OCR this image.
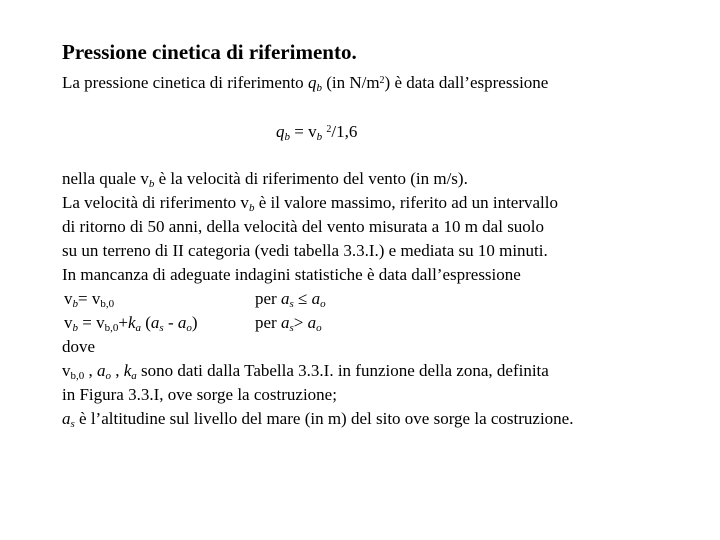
Pressione cinetica di riferimento.
La pressione cinetica di riferimento $q_b$ (in $N/m^2$) è data dall’espressione
$q_b = v_b$ $^2$/1,6
nella quale $v_b$ è la velocità di riferimento del vento (in m/s).
La velocità di riferimento $v_b$ è il valore massimo, riferito ad un intervallo
di ritorno di 50 anni, della velocità del vento misurata a 10 m dal suolo
su un terreno di II categoria (vedi tabella 3.3.I.) e mediata su 10 minuti.
In mancanza di adeguate indagini statistiche è data dall’espressione
$v_b= v_{b,0}$	per $a_s \le a_o$
$v_b = v_{b,0}+k_a$ $(a_s - a_o)$	per $a_s> a_o$
dove
$v_{b,0}$ , $a_o$ , $k_a$ sono dati dalla Tabella 3.3.I. in funzione della zona, definita
in Figura 3.3.I, ove sorge la costruzione;
$a_s$ è l’altitudine sul livello del mare (in m) del sito ove sorge la costruzione.
